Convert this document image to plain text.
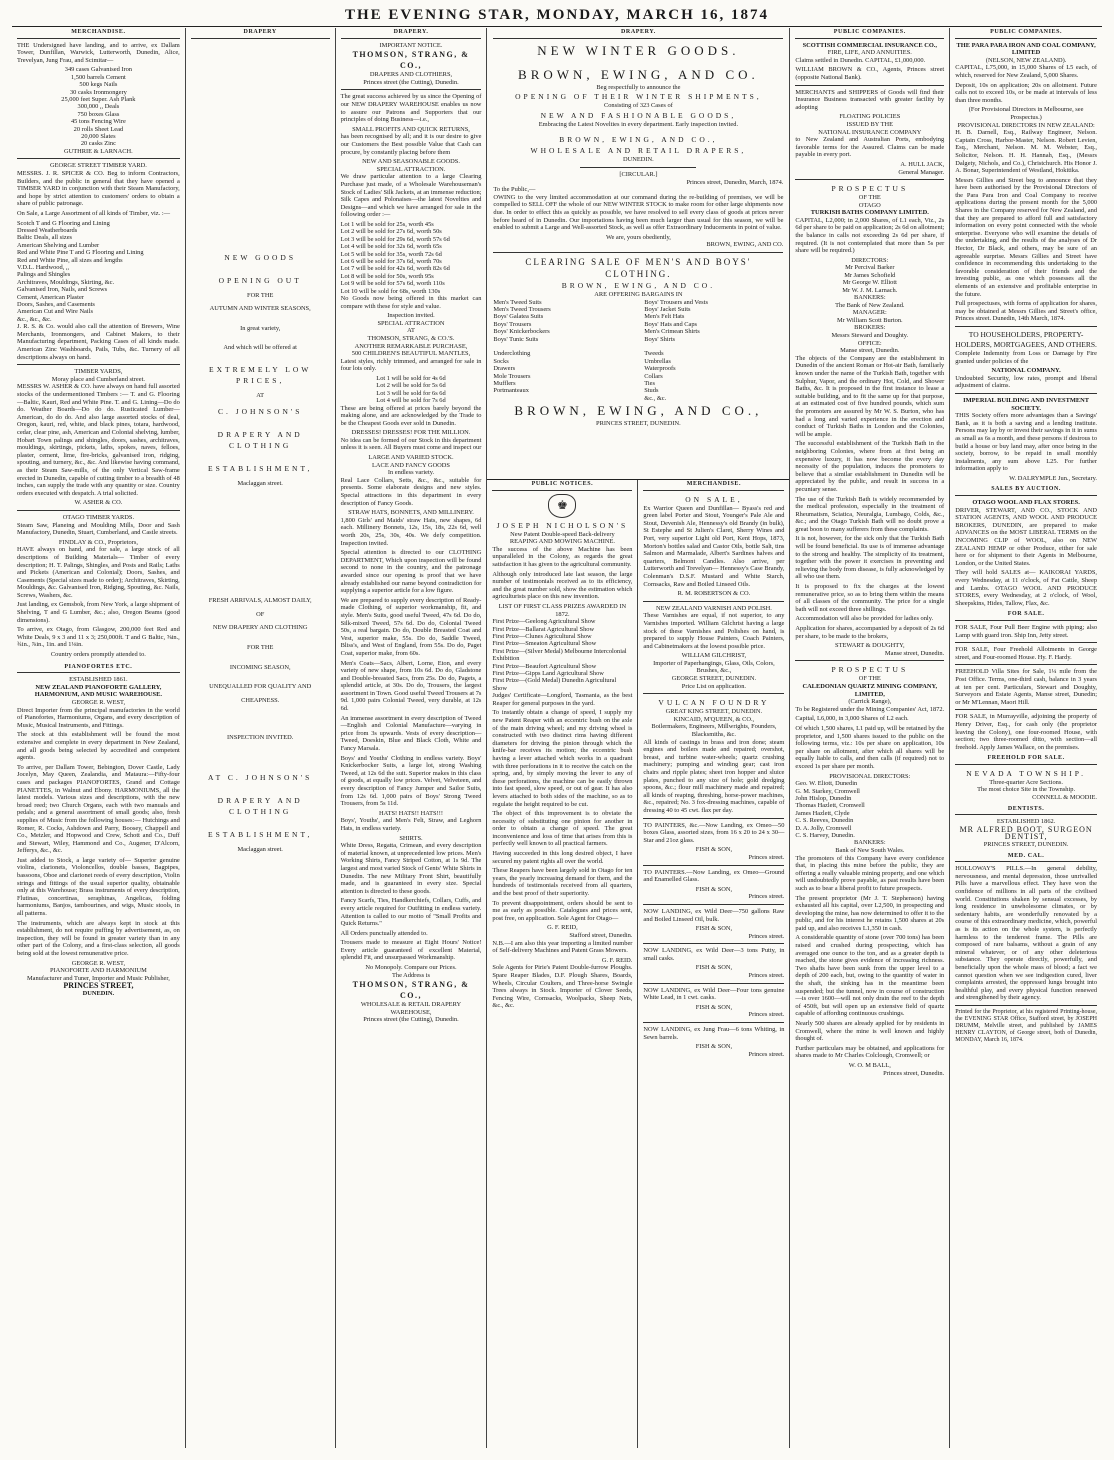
THE EVENING STAR, MONDAY, MARCH 16, 1874
MERCHANDISE.

THE Undersigned have landing, and to arrive, ex Dallam Tower, Dunfillan, Warwick, Lutterworth, Dunedin, Alice, Trevelyan, Jung Frau, and Scimitar—

349 cases Galvanised Iron
1,500 barrels Cement
500 kegs Nails
30 casks Ironmongery
25,000 feet Super. Ash Plank
300,000 ,, Deals
750 boxes Glass
45 tons Fencing Wire
20 rolls Sheet Lead
20,000 Slates
20 casks Zinc
GUTHRIE & LARNACH.
GEORGE STREET TIMBER YARD.

MESSRS. J. R. SPICER & CO. Beg to inform Contractors, Builders, and the public in general that they have opened a TIMBER YARD in conjunction with their Steam Manufactory, and hope by strict attention to customers' orders to obtain a share of public patronage.

On Sale, a Large Assortment of all kinds of Timber, viz. :—

Scotch T and G Flooring and Lining
Dressed Weatherboards
Baltic Deals, all sizes
American Shelving and Lumber
Red and White Pine T and G Flooring and Lining
Red and White Pine, all sizes and lengths
V.D.L. Hardwood, ,,
Palings and Shingles
Architraves, Mouldings, Skirting, &c.
Galvanised Iron, Nails, and Screws
Cement, American Plaster
Doors, Sashes, and Casements
American Cut and Wire Nails
&c., &c., &c.

J. R. S. & Co. would also call the attention of Brewers, Wine Merchants, Ironmongers, and Cabinet Makers, to their Manufacturing department, Packing Cases of all kinds made. American Zinc Washboards, Pails, Tubs, &c. Turnery of all descriptions always on hand.

TIMBER YARDS,
Moray place and Cumberland street.

MESSRS W. ASHER & CO. have always on hand full assorted stocks of the undermentioned Timbers :— T. and G. Flooring—Baltic, Kauri, Red and White Pine. T. and G. Lining—Do do do. Weather Boards—Do do do. Rusticated Lumber—American, do do do. And also large assorted stocks of deal, Oregon, kauri, red, white, and black pines, totara, hardwood, cedar, clear pine, ash, American and Colonial shelving, lumber, Hobart Town palings and shingles, doors, sashes, architraves, mouldings, skirtings, pickets, laths, spokes, naves, felloes, plaster, cement, lime, fire-bricks, galvanised iron, ridging, spouting, and turnery, &c., &c. And likewise having command, as their Steam Saw-mills, of the only Vertical Saw-frame erected in Dunedin, capable of cutting timber to a breadth of 48 inches, can supply the trade with any quantity or size. Country orders executed with despatch. A trial solicited.

W. ASHER & CO.
OTAGO TIMBER YARDS.

Steam Saw, Planeing and Moulding Mills, Door and Sash Manufactory, Dunedin, Stuart, Cumberland, and Castle streets.

FINDLAY & CO., Proprietors,

HAVE always on hand, and for sale, a large stock of all descriptions of Building Materials— Timber of every description; H. T. Palings, Shingles, and Posts and Rails; Laths and Pickets (American and Colonial); Doors, Sashes, and Casements (Special sizes made to order); Architraves, Skirting, Mouldings, &c. Galvanised Iron, Ridging, Spouting, &c. Nails, Screws, Washers, &c.

Just landing, ex Gemsbok, from New York, a large shipment of Shelving, T and G Lumber, &c.; also, Oregon Beams (good dimensions).

To arrive, ex Otago, from Glasgow, 200,000 feet Red and White Deals, 9 x 3 and 11 x 3; 250,000ft. T and G Baltic, ⅝in., ¾in., ⅞in., 1in. and 1⅛in.

Country orders promptly attended to.
PIANOFORTES ETC.
ESTABLISHED 1861.
NEW ZEALAND PIANOFORTE GALLERY, HARMONIUM, AND MUSIC WAREHOUSE.
GEORGE R. WEST,

Direct Importer from the principal manufactories in the world of Pianofortes, Harmoniums, Organs, and every description of Music, Musical Instruments, and Fittings.

The stock at this establishment will be found the most extensive and complete in every department in New Zealand, and all goods being selected by accredited and competent agents.

To arrive, per Dallam Tower, Bebington, Dover Castle, Lady Jocelyn, May Queen, Zealandia, and Mataura:—Fifty-four cases and packages PIANOFORTES, Grand and Cottage PIANETTES, in Walnut and Ebony. HARMONIUMS, all the latest models. Various sizes and descriptions, with the new broad reed; two Church Organs, each with two manuals and pedals; and a general assortment of small goods; also, fresh supplies of Music from the following houses:— Hutchings and Romer, R. Cocks, Ashdown and Parry, Boosey, Chappell and Co., Metzler, and Hopwood and Crew, Schott and Co., Duff and Stewart, Wiley, Hammond and Co., Augener, D'Alcorn, Jefferys, &c., &c.

Just added to Stock, a large variety of— Superior genuine violins, clarionets, Violoncellos, double basses, Bagpipes, bassoons, Oboe and clarionet reeds of every description, Violin strings and fittings of the usual superior quality, obtainable only at this Warehouse; Brass instruments of every description, Flutinas, concertinas, seraphinas, Angelicas, folding harmoniums, Banjos, tambourines, and wigs, Music stools, in all patterns.

The instruments, which are always kept in stock at this establishment, do not require puffing by advertisement, as, on inspection, they will be found in greater variety than in any other part of the Colony, and a first-class selection, all goods being sold at the lowest remunerative price.

GEORGE R. WEST,
PIANOFORTE AND HARMONIUM
Manufacturer and Tuner, Importer and Music Publisher,
PRINCES STREET,
DUNEDIN.
DRAPERY
NEW GOODS
OPENING OUT
FOR THE
AUTUMN AND WINTER SEASONS,
In great variety,
And which will be offered at
EXTREMELY LOW PRICES,
AT
C. JOHNSON'S
DRAPERY AND CLOTHING
ESTABLISHMENT,
Maclaggan street.
FRESH ARRIVALS, ALMOST DAILY,
OF
NEW DRAPERY AND CLOTHING
FOR THE
INCOMING SEASON,
UNEQUALLED FOR QUALITY AND
CHEAPNESS.
INSPECTION INVITED.
AT C. JOHNSON'S
DRAPERY AND CLOTHING
ESTABLISHMENT,
Maclaggan street.
DRAPERY.
IMPORTANT NOTICE.
THOMSON, STRANG, & CO.,
DRAPERS AND CLOTHIERS,
Princes street (the Cutting), Dunedin.

The great success achieved by us since the Opening of our NEW DRAPERY WAREHOUSE enables us now to assure our Patrons and Supporters that our principles of doing Business—i.e.,

SMALL PROFITS AND QUICK RETURNS,

has been recognised by all; and it is our desire to give our Customers the Best possible Value that Cash can procure, by constantly placing before them

NEW AND SEASONABLE GOODS.
SPECIAL ATTRACTION.

We draw particular attention to a large Clearing Purchase just made, of a Wholesale Warehouseman's Stock of Ladies' Silk Jackets, at an immense reduction; Silk Capes and Polonaises—the latest Novelties and Designs—and which we have arranged for sale in the following order :—

Lot 1 will be sold for 25s, worth 45s
Lot 2 will be sold for 27s 6d, worth 50s
Lot 3 will be sold for 29s 6d, worth 57s 6d
Lot 4 will be sold for 32s 6d, worth 65s
Lot 5 will be sold for 35s, worth 72s 6d
Lot 6 will be sold for 37s 6d, worth 70s
Lot 7 will be sold for 42s 6d, worth 82s 6d
Lot 8 will be sold for 50s, worth 95s
Lot 9 will be sold for 57s 6d, worth 110s
Lot 10 will be sold for 68s, worth 130s

No Goods now being offered in this market can compare with these for style and value.

Inspection invited.
SPECIAL ATTRACTION
AT
THOMSON, STRANG, & CO.'S.
ANOTHER REMARKABLE PURCHASE,
500 CHILDREN'S BEAUTIFUL MANTLES,

Latest styles, richly trimmed, and arranged for sale in four lots only.

Lot 1 will be sold for 4s 6d
Lot 2 will be sold for 5s 6d
Lot 3 will be sold for 6s 6d
Lot 4 will be sold for 7s 6d

These are being offered at prices barely beyond the making alone, and are acknowledged by the Trade to be the Cheapest Goods ever sold in Dunedin.

DRESSES! DRESSES! FOR THE MILLION.

No idea can be formed of our Stock in this department unless it is seen. All Buyers must come and inspect our

LARGE AND VARIED STOCK.
LACE AND FANCY GOODS
In endless variety.

Real Lace Collars, Setts, &c., &c., suitable for presents. Some elaborate designs and new styles. Special attractions in this department in every description of Fancy Goods.

STRAW HATS, BONNETS, AND MILLINERY.

1,800 Girls' and Maids' straw Hats, new shapes, 6d each. Millinery Bonnets, 12s, 15s, 18s, 22s 6d, well worth 20s, 25s, 30s, 40s. We defy competition. Inspection invited.

Special attention is directed to our CLOTHING DEPARTMENT, Which upon inspection will be found second to none in the country, and the patronage awarded since our opening is proof that we have already established our name beyond contradiction for supplying a superior article for a low figure.

We are prepared to supply every description of Ready-made Clothing, of superior workmanship, fit, and style. Men's Suits, good useful Tweed, 47s 6d. Do do, Silk-mixed Tweed, 57s 6d. Do do, Colonial Tweed 50s, a real bargain. Do do, Double Breasted Coat and Vest, superior make, 55s. Do do, Saddle Tweed, Bliss's, and West of England, from 55s. Do do, Paget Coat, superior make, from 60s.

Men's Coats—Sacs, Albert, Lorne, Eton, and every variety of new shape, from 10s 6d. Do do, Gladstone and Double-breasted Sacs, from 25s. Do do, Pagets, a splendid article, at 30s. Do do, Trousers, the largest assortment in Town. Good useful Tweed Trousers at 7s 9d. 1,000 pairs Colonial Tweed, very durable, at 12s 6d.

An immense assortment in every description of Tweed—English and Colonial Manufacture—varying in price from 3s upwards. Vests of every description—Tweed, Doeskin, Blue and Black Cloth, White and Fancy Marsala.

Boys' and Youths' Clothing in endless variety. Boys' Knickerbocker Suits, a large lot, strong Washing Tweed, at 12s 6d the suit. Superior makes in this class of goods, at equally low prices. Velvet, Velveteen, and every description of Fancy Jumper and Sailor Suits, from 12s 6d. 1,000 pairs of Boys' Strong Tweed Trousers, from 5s 11d.

HATS! HATS!! HATS!!!

Boys', Youths', and Men's Felt, Straw, and Leghorn Hats, in endless variety.

SHIRTS.

White Dress, Regatta, Crimean, and every description of material known, at unprecedented low prices. Men's Working Shirts, Fancy Striped Cotton, at 1s 9d. The largest and most varied Stock of Gents' White Shirts in Dunedin. The new Military Front Shirt, beautifully made, and is guaranteed in every size. Special attention is directed to these goods.

Fancy Scarfs, Ties, Handkerchiefs, Collars, Cuffs, and every article required for Outfitting in endless variety. Attention is called to our motto of "Small Profits and Quick Returns."

All Orders punctually attended to.

Trousers made to measure at Eight Hours' Notice! Every article guaranteed of excellent Material, splendid Fit, and unsurpassed Workmanship.

No Monopoly. Compare our Prices.
The Address is
THOMSON, STRANG, & CO.,
WHOLESALE & RETAIL DRAPERY
WAREHOUSE,
Princes street (the Cutting), Dunedin.
DRAPERY.
NEW WINTER GOODS.
BROWN, EWING, AND CO.
Beg respectfully to announce the
OPENING OF THEIR WINTER SHIPMENTS,
Consisting of 323 Cases of
NEW AND FASHIONABLE GOODS,
Embracing the Latest Novelties in every department. Early inspection invited.
BROWN, EWING, AND CO.,
WHOLESALE AND RETAIL DRAPERS,
DUNEDIN.
[CIRCULAR.]
Princes street, Dunedin, March, 1874.
To the Public,—

OWING to the very limited accommodation at our command during the re-building of premises, we will be compelled to SELL OFF the whole of our NEW WINTER STOCK to make room for other large shipments now due. In order to effect this as quickly as possible, we have resolved to sell every class of goods at prices never before heard of in Dunedin. Our importations having been much larger than usual for this season, we will be enabled to submit a Large and Well-assorted Stock, as well as offer Extraordinary Inducements in point of value.

We are, yours obediently,
BROWN, EWING, AND CO.
CLEARING SALE OF MEN'S AND BOYS' CLOTHING.
BROWN, EWING, AND CO.
ARE OFFERING BARGAINS IN
Men's Tweed Suits
Men's Tweed Trousers
Boys' Galatea Suits
Boys' Trousers
Boys' Knickerbockers
Boys' Tunic Suits

Underclothing
Socks
Drawers
Mole Trousers
Mufflers
Portmanteaux
Boys' Trousers and Vests
Boys' Jacket Suits
Men's Felt Hats
Boys' Hats and Caps
Men's Crimean Shirts
Boys' Shirts

Tweeds
Umbrellas
Waterproofs
Collars
Ties
Studs
&c., &c.
BROWN, EWING, AND CO.,
PRINCES STREET, DUNEDIN.
PUBLIC NOTICES.
♚
JOSEPH NICHOLSON'S
New Patent Double-speed Back-delivery
REAPING AND MOWING MACHINE.

The success of the above Machine has been unparalleled in the Colony, as regards the great satisfaction it has given to the agricultural community.

Although only introduced late last season, the large number of testimonials received as to its efficiency, and the great number sold, show the estimation which agriculturists place on this new invention.

LIST OF FIRST CLASS PRIZES AWARDED IN 1872.
First Prize—Geelong Agricultural Show
First Prize—Ballarat Agricultural Show
First Prize—Clunes Agricultural Show
First Prize—Smeaton Agricultural Show
First Prize—(Silver Medal) Melbourne Intercolonial Exhibition
First Prize—Beaufort Agricultural Show
First Prize—Gipps Land Agricultural Show
First Prize—(Gold Medal) Dunedin Agricultural Show

Judges' Certificate—Longford, Tasmania, as the best Reaper for general purposes in the yard.

To instantly obtain a change of speed, I supply my new Patent Reaper with an eccentric bush on the axle of the main driving wheel; and my driving wheel is constructed with two distinct rims having different diameters for driving the pinion through which the knife-bar receives its motion; the eccentric bush having a lever attached which works in a quadrant with three perforations in it to receive the catch on the spring, and, by simply moving the lever to any of these perforations, the machine can be easily thrown into fast speed, slow speed, or out of gear. It has also levers attached to both sides of the machine, so as to regulate the height required to be cut.

The object of this improvement is to obviate the necessity of substituting one pinion for another in order to obtain a change of speed. The great inconvenience and loss of time that arises from this is perfectly well known to all practical farmers.

Having succeeded in this long desired object, I have secured my patent rights all over the world.

These Reapers have been largely sold in Otago for ten years, the yearly increasing demand for them, and the hundreds of testimonials received from all quarters, and the best proof of their superiority.

To prevent disappointment, orders should be sent to me as early as possible. Catalogues and prices sent, post free, on application. Sole Agent for Otago—

G. F. REID,
Stafford street, Dunedin.

N.B.—I am also this year importing a limited number of Self-delivery Machines and Patent Grass Mowers.

G. F. REID.

Sole Agents for Pirie's Patent Double-furrow Ploughs. Spare Reaper Blades, D.F. Plough Shares, Boards, Wheels, Circular Coulters, and Three-horse Swingle Trees always in Stock. Importer of Clover Seeds, Fencing Wire, Cornsacks, Woolpacks, Sheep Nets, &c., &c.

MERCHANDISE.
ON SALE,

Ex Warrior Queen and Dunfillan— Byass's red and green label Porter and Stout, Younger's Pale Ale and Stout, Devenish Ale, Hennessy's old Brandy (in bulk), St Estephe and St Julien's Claret, Sherry Wines and Port, very superior Light old Port, Kent Hops, 1873, Morton's bottles salad and Castor Oils, bottle Salt, tins Salmon and Marmalade, Albert's Sardines halves and quarters, Belmont Candles. Also arrive, per Lutterworth and Trevelyan— Hennessy's Case Brandy, Colenman's D.S.F. Mustard and White Starch, Cornsacks, Raw and Boiled Linseed Oils.

R. M. ROBERTSON & CO.
NEW ZEALAND VARNISH AND POLISH.

These Varnishes are equal, if not superior, to any Varnishes imported. William Gilchrist having a large stock of these Varnishes and Polishes on hand, is prepared to supply House Painters, Coach Painters, and Cabinetmakers at the lowest possible price.

WILLIAM GILCHRIST,
Importer of Paperhangings, Glass, Oils, Colors, Brushes, &c.,
GEORGE STREET, DUNEDIN.
Price List on application.
VULCAN FOUNDRY
GREAT KING STREET, DUNEDIN.
KINCAID, M'QUEEN, & CO.,
Boilermakers, Engineers, Millwrights, Founders, Blacksmiths, &c.

All kinds of castings in brass and iron done; steam engines and boilers made and repaired; overshot, breast, and turbine water-wheels; quartz crushing machinery; pumping and winding gear; cast iron chairs and ripple plates; sheet iron hopper and sluice plates, punched to any size of hole; gold dredging spoons, &c.; flour mill machinery made and repaired; all kinds of reaping, threshing, horse-power machines, &c., repaired; No. 3 fox-dressing machines, capable of dressing 40 to 45 cwt. flax per day.

TO PAINTERS, &c.—Now Landing, ex Omeo—50 boxes Glass, assorted sizes, from 16 x 20 to 24 x 30—Star and 21oz glass.

FISH & SON,
Princes street.

TO PAINTERS.—Now Landing, ex Omeo—Ground and Enamelled Glass.

FISH & SON,
Princes street.

NOW LANDING, ex Wild Deer—750 gallons Raw and Boiled Linseed Oil, bulk.

FISH & SON,
Princes street.

NOW LANDING, ex Wild Deer—3 tons Putty, in small casks.

FISH & SON,
Princes street.

NOW LANDING, ex Wild Deer—Four tons genuine White Lead, in 1 cwt. casks.

FISH & SON,
Princes street.

NOW LANDING, ex Jung Frau—6 tons Whiting, in Sewn barrels.

FISH & SON,
Princes street.
PUBLIC COMPANIES.
SCOTTISH COMMERCIAL INSURANCE CO.,
FIRE, LIFE, AND ANNUITIES.

Claims settled in Dunedin. CAPITAL, £1,000,000.

WILLIAM BROWN & CO., Agents, Princes street (opposite National Bank).

MERCHANTS and SHIPPERS of Goods will find their Insurance Business transacted with greater facility by adopting

FLOATING POLICIES
ISSUED BY THE
NATIONAL INSURANCE COMPANY

to New Zealand and Australian Ports, embodying favorable terms for the Assured. Claims can be made payable in every port.

A. HULL JACK,
General Manager.
PROSPECTUS
OF THE
OTAGO
TURKISH BATHS COMPANY LIMITED.

CAPITAL, L2,000; in 2,000 Shares, of L1 each, Viz., 2s 6d per share to be paid on application; 2s 6d on allotment; the balance in calls not exceeding 2s 6d per share, if required. (It is not contemplated that more than 5s per share will be required.)

DIRECTORS:
Mr Percival Barker
Mr James Schofield
Mr George W. Elliott
Mr W. J. M. Larnach.
BANKERS:
The Bank of New Zealand.
MANAGER:
Mr William Scott Burton.
BROKERS:
Messrs Steward and Doughty.
OFFICE:
Manse street, Dunedin.

The objects of the Company are the establishment in Dunedin of the ancient Roman or Hot-air Bath, familiarly known under the name of the Turkish Bath, together with Sulphur, Vapor, and the ordinary Hot, Cold, and Shower Baths, &c. It is proposed in the first instance to lease a suitable building, and to fit the same up for that purpose, at an estimated cost of five hundred pounds, which sum the promoters are assured by Mr W. S. Burton, who has had a long and varied experience in the erection and conduct of Turkish Baths in London and the Colonies, will be ample.

The successful establishment of the Turkish Bath in the neighboring Colonies, where from at first being an expensive luxury, it has now become the every day necessity of the population, induces the promoters to believe that a similar establishment in Dunedin will be appreciated by the public, and result in success in a pecuniary sense.

The use of the Turkish Bath is widely recommended by the medical profession, especially in the treatment of Rheumatism, Sciatica, Neuralgia, Lumbago, Colds, &c., &c.; and the Otago Turkish Bath will no doubt prove a great boon to many sufferers from these complaints.

It is not, however, for the sick only that the Turkish Bath will be found beneficial. Its use is of immense advantage to the strong and healthy. The simplicity of its treatment, together with the power it exercises in preventing and relieving the body from disease, is fully acknowledged by all who use them.

It is proposed to fix the charges at the lowest remunerative price, so as to bring them within the means of all classes of the community. The price for a single bath will not exceed three shillings.

Accommodation will also be provided for ladies only.

Application for shares, accompanied by a deposit of 2s 6d per share, to be made to the brokers,

STEWART & DOUGHTY,
Manse street, Dunedin.
PROSPECTUS
OF THE
CALEDONIAN QUARTZ MINING COMPANY, LIMITED,
(Carrick Range),

To be Registered under the Mining Companies' Act, 1872.

Capital, L6,000, in 3,000 Shares of L2 each.

Of which 1,500 shares, L1 paid up, will be retained by the proprietor, and 1,500 shares issued to the public on the following terms, viz.: 10s per share on application, 10s per share on allotment, after which all shares will be equally liable to calls, and then calls (if required) not to exceed 1s per share per month.

PROVISIONAL DIRECTORS:
Geo. W. Eliott, Dunedin
G. M. Starkey, Cromwell
John Hislop, Dunedin
Thomas Hazlett, Cromwell
James Hazlett, Clyde
C. S. Reeves, Dunedin
D. A. Jolly, Cromwell
C. S. Harvey, Dunedin.
BANKERS:
Bank of New South Wales.

The promoters of this Company have every confidence that, in placing this mine before the public, they are offering a really valuable mining property, and one which will undoubtedly prove payable, as past results have been such as to bear a liberal profit to future prospects.

The present proprietor (Mr J. T. Stephenson) having exhausted all his capital, over L2,500, in prospecting and developing the mine, has now determined to offer it to the public, and for his interest he retains 1,500 shares at 20s paid up, and also receives L1,350 in cash.

A considerable quantity of stone (over 700 tons) has been raised and crushed during prospecting, which has averaged one ounce to the ton, and as a greater depth is reached, the stone gives evidence of increasing richness. Two shafts have been sunk from the upper level to a depth of 200 each, but, owing to the quantity of water in the shaft, the sinking has in the meantime been suspended; but the tunnel, now in course of construction—is over 1600—will not only drain the reef to the depth of 450ft, but will open up an extensive field of quartz capable of affording continuous crushings.

Nearly 500 shares are already applied for by residents in Cromwell, where the mine is well known and highly thought of.

Further particulars may be obtained, and applications for shares made to Mr Charles Colclough, Cromwell; or

W. O. M BALL,
Princes street, Dunedin.
PUBLIC COMPANIES.
THE PARA PARA IRON AND COAL COMPANY, LIMITED
(NELSON, NEW ZEALAND).

CAPITAL, L75,000, in 15,000 Shares of L5 each, of which, reserved for New Zealand, 5,000 Shares.

Deposit, 10s on application; 20s on allotment. Future calls not to exceed 10s, or be made at intervals of less than three months.

(For Provisional Directors in Melbourne, see Prospectus.)
PROVISIONAL DIRECTORS IN NEW ZEALAND:

H. B. Darnell, Esq., Railway Engineer, Nelson. Captain Cross, Harbor-Master, Nelson. Robert Levien, Esq., Merchant, Nelson. M. M. Webster, Esq., Solicitor, Nelson. H. H. Hannah, Esq., (Messrs Dalgety, Nichols, and Co.), Christchurch. His Honor J. A. Bonar, Superintendent of Westland, Hokitika.

Messrs Gillies and Street beg to announce that they have been authorised by the Provisional Directors of the Para Para Iron and Coal Company to receive applications during the present month for the 5,000 Shares in the Company reserved for New Zealand, and that they are prepared to afford full and satisfactory information on every point connected with the whole enterprise. Everyone who will examine the details of the undertaking, and the results of the analyses of Dr Hector, Dr Black, and others, may be sure of an agreeable surprise. Messrs Gillies and Street have confidence in recommending this undertaking to the favorable consideration of their friends and the investing public, as one which possesses all the elements of an extensive and profitable enterprise in the future.

Full prospectuses, with forms of application for shares, may be obtained at Messrs Gillies and Street's office, Princes street. Dunedin, 14th March, 1874.

TO HOUSEHOLDERS, PROPERTY-HOLDERS, MORTGAGEES, AND OTHERS.

Complete Indemnity from Loss or Damage by Fire granted under policies of the

NATIONAL COMPANY.

Undoubted Security, low rates, prompt and liberal adjustment of claims.

IMPERIAL BUILDING AND INVESTMENT SOCIETY.

THIS Society offers more advantages than a Savings' Bank, as it is both a saving and a lending institute. Persons may lay by or invest their savings in it in sums as small as 6s a month, and these persons if desirous to build a house or buy land may, after once being in the society, borrow, to be repaid in small monthly instalments, any sum above L25. For further information apply to

W. DALRYMPLE Jun., Secretary.
SALES BY AUCTION.
OTAGO WOOL AND FLAX STORES.

DRIVER, STEWART, AND CO., STOCK AND STATION AGENTS, AND WOOL AND PRODUCE BROKERS, DUNEDIN, are prepared to make ADVANCES on the MOST LIBERAL TERMS on the INCOMING CLIP of WOOL, also on NEW ZEALAND HEMP or other Produce, either for sale here or for shipment to their Agents in Melbourne, London, or the United States.

They will hold SALES at— KAIKORAI YARDS, every Wednesday, at 11 o'clock, of Fat Cattle, Sheep and Lambs. OTAGO WOOL AND PRODUCE STORES, every Wednesday, at 2 o'clock, of Wool, Sheepskins, Hides, Tallow, Flax, &c.

FOR SALE.

FOR SALE, Four Pull Beer Engine with piping; also Lamp with guard iron. Ship Inn, Jetty street.

FOR SALE, Four Freehold Allotments in George street, and Four-roomed House. Hy. F. Hardy.

FREEHOLD Villa Sites for Sale, 1¼ mile from the Post Office. Terms, one-third cash, balance in 3 years at ten per cent. Particulars, Stewart and Doughty, Surveyors and Estate Agents, Manse street, Dunedin; or Mr M'Lennan, Maori Hill.

FOR SALE, in Murrayville, adjoining the property of Henry Driver, Esq., for cash only (the proprietor leaving the Colony), one four-roomed House, with section; two three-roomed ditto, with section—all freehold. Apply James Wallace, on the premises.

FREEHOLD FOR SALE.
NEVADA TOWNSHIP.
Three-quarter Acre Sections.
The most choice Site in the Township.
CONNELL & MOODIE.
DENTISTS.
ESTABLISHED 1862.
MR ALFRED BOOT, SURGEON DENTIST,
PRINCES STREET, DUNEDIN.
MED. CAL.

HOLLOWAY'S PILLS.—In general debility, nervousness, and mental depression, those unrivalled Pills have a marvellous effect. They have won the confidence of millions in all parts of the civilised world. Constitutions shaken by sensual excesses, by long residence in unwholesome climates, or by sedentary habits, are wonderfully renovated by a course of this extraordinary medicine, which, powerful as is its action on the whole system, is perfectly harmless to the tenderest frame. The Pills are composed of rare balsams, without a grain of any mineral whatever, or of any other deleterious substance. They operate directly, powerfully, and beneficially upon the whole mass of blood; a fact we cannot question when we see indigestion cured, liver complaints arrested, the oppressed lungs brought into healthful play, and every physical function renewed and strengthened by their agency.

Printed for the Proprietor, at his registered Printing-house, the EVENING STAR Office, Stafford street, by JOSEPH DRUMM, Melville street, and published by JAMES HENRY CLAYTON, of George street, both of Dunedin, MONDAY, March 16, 1874.
